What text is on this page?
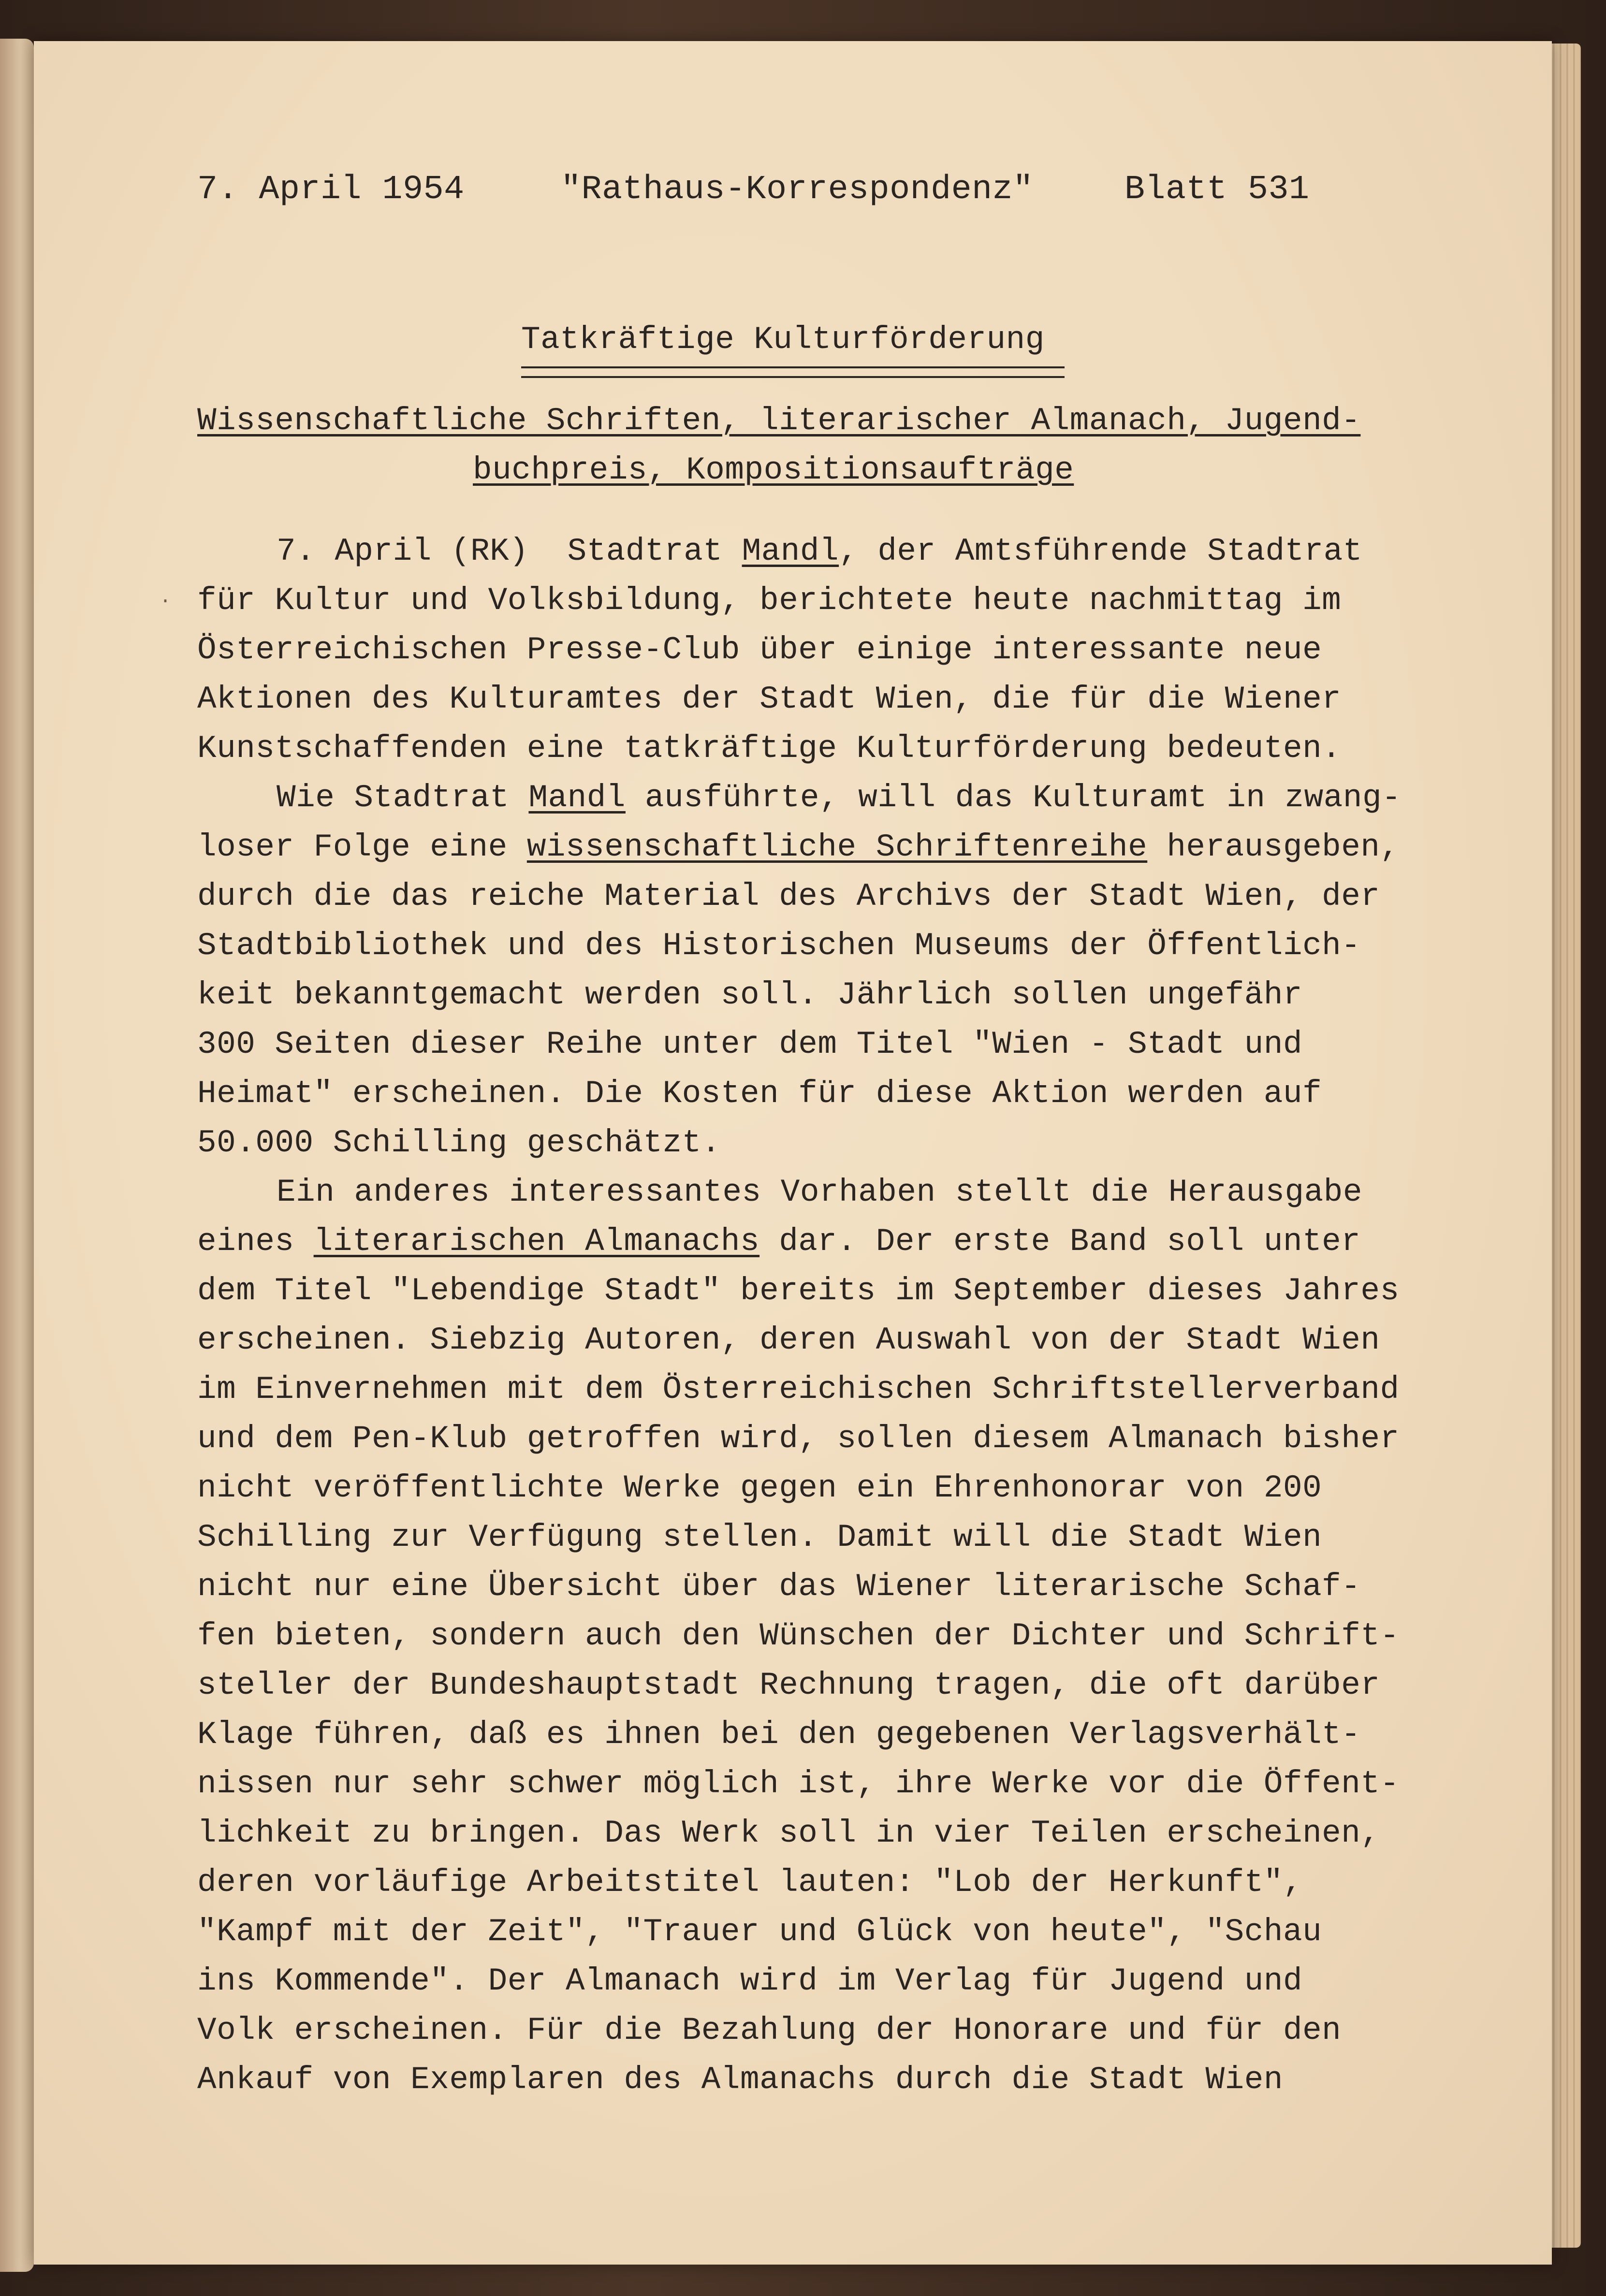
7. April 1954	"Rathaus-Korrespondenz"	Blatt 531
Tatkräftige Kulturförderung
Wissenschaftliche Schriften, literarischer Almanach, Jugend-
buchpreis, Kompositionsaufträge
7. April (RK)  Stadtrat Mandl, der Amtsführende Stadtrat
für Kultur und Volksbildung, berichtete heute nachmittag im
Österreichischen Presse-Club über einige interessante neue
Aktionen des Kulturamtes der Stadt Wien, die für die Wiener
Kunstschaffenden eine tatkräftige Kulturförderung bedeuten.
Wie Stadtrat Mandl ausführte, will das Kulturamt in zwang-
loser Folge eine wissenschaftliche Schriftenreihe herausgeben,
durch die das reiche Material des Archivs der Stadt Wien, der
Stadtbibliothek und des Historischen Museums der Öffentlich-
keit bekanntgemacht werden soll. Jährlich sollen ungefähr
300 Seiten dieser Reihe unter dem Titel "Wien - Stadt und
Heimat" erscheinen. Die Kosten für diese Aktion werden auf
50.000 Schilling geschätzt.
Ein anderes interessantes Vorhaben stellt die Herausgabe
eines literarischen Almanachs dar. Der erste Band soll unter
dem Titel "Lebendige Stadt" bereits im September dieses Jahres
erscheinen. Siebzig Autoren, deren Auswahl von der Stadt Wien
im Einvernehmen mit dem Österreichischen Schriftstellerverband
und dem Pen-Klub getroffen wird, sollen diesem Almanach bisher
nicht veröffentlichte Werke gegen ein Ehrenhonorar von 200
Schilling zur Verfügung stellen. Damit will die Stadt Wien
nicht nur eine Übersicht über das Wiener literarische Schaf-
fen bieten, sondern auch den Wünschen der Dichter und Schrift-
steller der Bundeshauptstadt Rechnung tragen, die oft darüber
Klage führen, daß es ihnen bei den gegebenen Verlagsverhält-
nissen nur sehr schwer möglich ist, ihre Werke vor die Öffent-
lichkeit zu bringen. Das Werk soll in vier Teilen erscheinen,
deren vorläufige Arbeitstitel lauten: "Lob der Herkunft",
"Kampf mit der Zeit", "Trauer und Glück von heute", "Schau
ins Kommende". Der Almanach wird im Verlag für Jugend und
Volk erscheinen. Für die Bezahlung der Honorare und für den
Ankauf von Exemplaren des Almanachs durch die Stadt Wien
·
